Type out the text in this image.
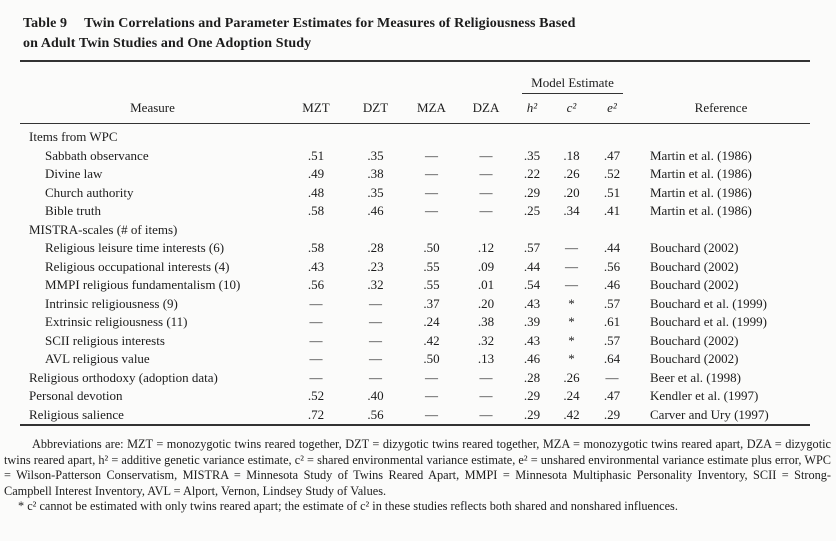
Table 9 Twin Correlations and Parameter Estimates for Measures of Religiousness Based
on Adult Twin Studies and One Adoption Study
					Model Estimate			
Measure	MZT	DZT	MZA	DZA	h²	c²	e²	Reference
Items from WPC								
Sabbath observance	.51	.35	—	—	.35	.18	.47	Martin et al. (1986)
Divine law	.49	.38	—	—	.22	.26	.52	Martin et al. (1986)
Church authority	.48	.35	—	—	.29	.20	.51	Martin et al. (1986)
Bible truth	.58	.46	—	—	.25	.34	.41	Martin et al. (1986)
MISTRA-scales (# of items)								
Religious leisure time interests (6)	.58	.28	.50	.12	.57	—	.44	Bouchard (2002)
Religious occupational interests (4)	.43	.23	.55	.09	.44	—	.56	Bouchard (2002)
MMPI religious fundamentalism (10)	.56	.32	.55	.01	.54	—	.46	Bouchard (2002)
Intrinsic religiousness (9)	—	—	.37	.20	.43	*	.57	Bouchard et al. (1999)
Extrinsic religiousness (11)	—	—	.24	.38	.39	*	.61	Bouchard et al. (1999)
SCII religious interests	—	—	.42	.32	.43	*	.57	Bouchard (2002)
AVL religious value	—	—	.50	.13	.46	*	.64	Bouchard (2002)
Religious orthodoxy (adoption data)	—	—	—	—	.28	.26	—	Beer et al. (1998)
Personal devotion	.52	.40	—	—	.29	.24	.47	Kendler et al. (1997)
Religious salience	.72	.56	—	—	.29	.42	.29	Carver and Ury (1997)

Abbreviations are: MZT = monozygotic twins reared together, DZT = dizygotic twins reared together, MZA = monozygotic twins reared apart, DZA = dizygotic twins reared apart, h² = additive genetic variance estimate, c² = shared environmental variance estimate, e² = unshared environmental variance estimate plus error, WPC = Wilson-Patterson Conservatism, MISTRA = Minnesota Study of Twins Reared Apart, MMPI = Minnesota Multiphasic Personality Inventory, SCII = Strong-Campbell Interest Inventory, AVL = Alport, Vernon, Lindsey Study of Values.

* c² cannot be estimated with only twins reared apart; the estimate of c² in these studies reflects both shared and nonshared influences.
